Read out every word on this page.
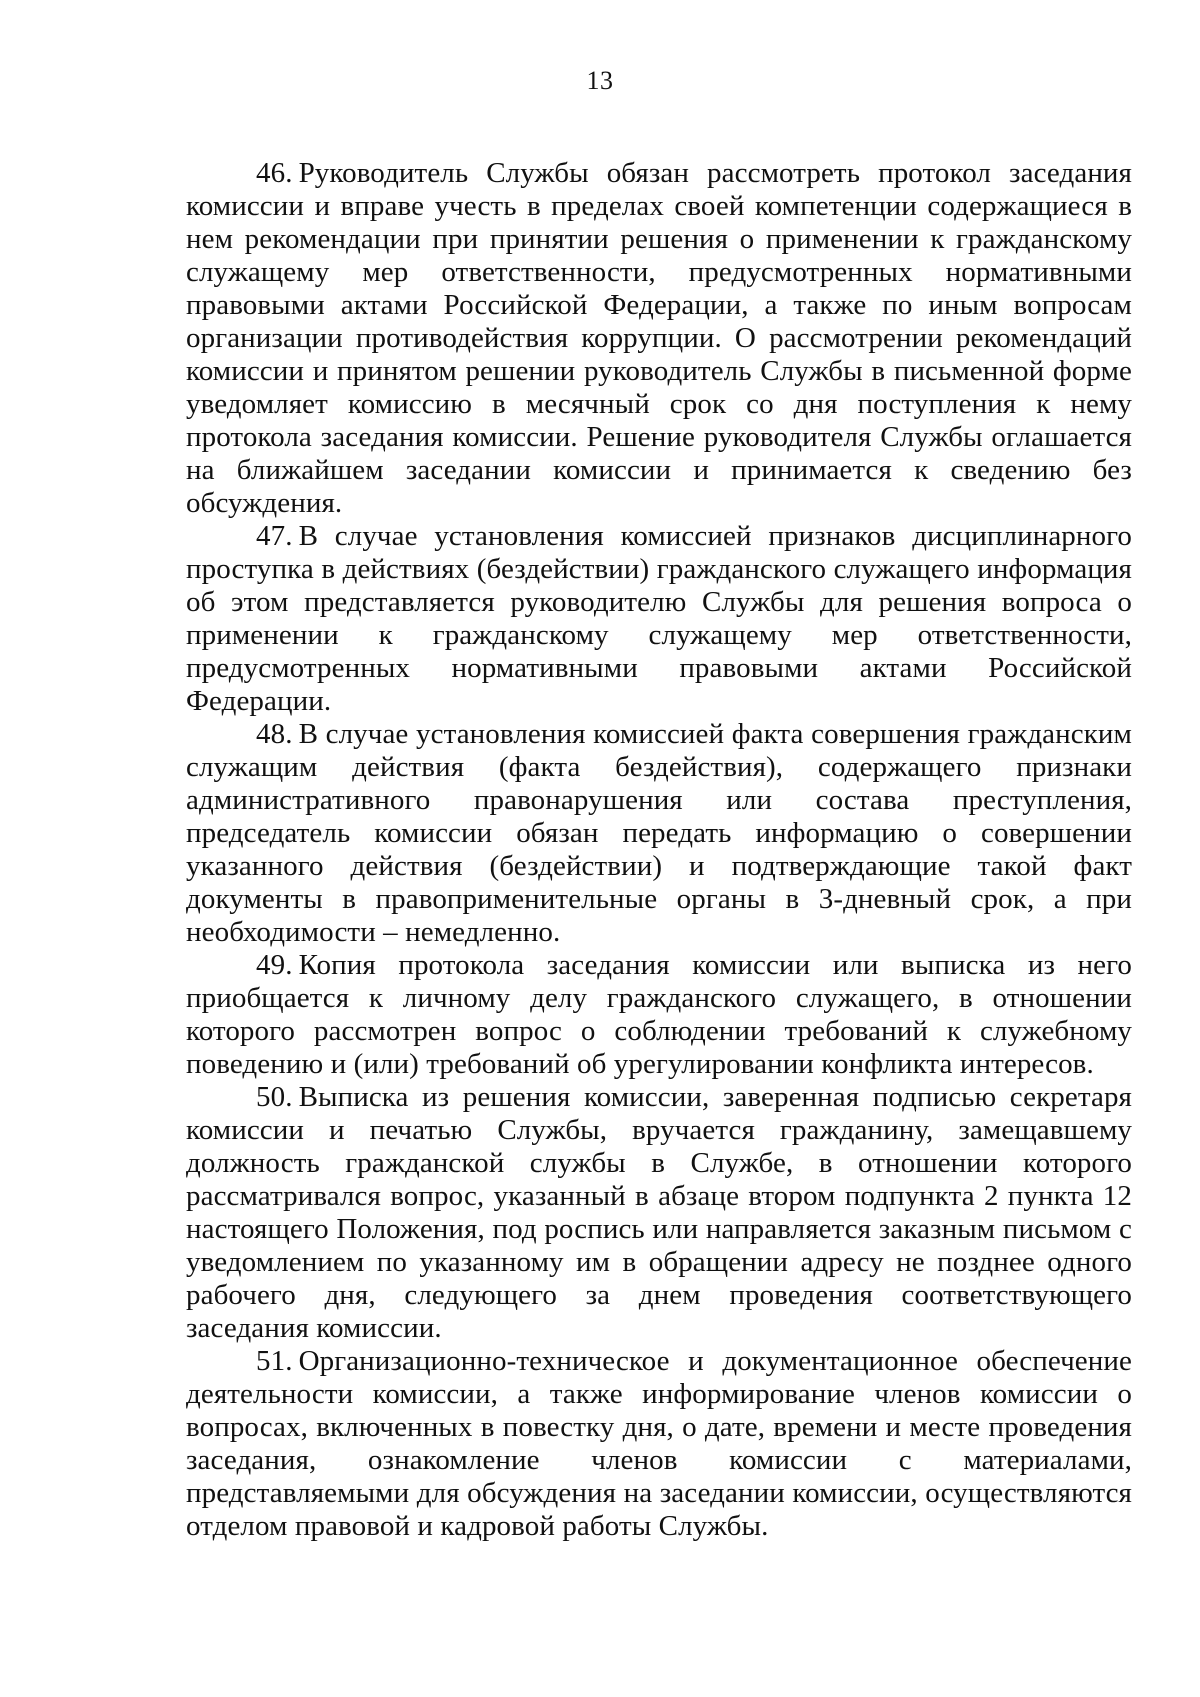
13

46. Руководитель Службы обязан рассмотреть протокол заседания комиссии и вправе учесть в пределах своей компетенции содержащиеся в нем рекомендации при принятии решения о применении к гражданскому служащему мер ответственности, предусмотренных нормативными правовыми актами Российской Федерации, а также по иным вопросам организации противодействия коррупции. О рассмотрении рекомендаций комиссии и принятом решении руководитель Службы в письменной форме уведомляет комиссию в месячный срок со дня поступления к нему протокола заседания комиссии. Решение руководителя Службы оглашается на ближайшем заседании комиссии и принимается к сведению без обсуждения.

47. В случае установления комиссией признаков дисциплинарного проступка в действиях (бездействии) гражданского служащего информация об этом представляется руководителю Службы для решения вопроса о применении к гражданскому служащему мер ответственности, предусмотренных нормативными правовыми актами Российской Федерации.

48. В случае установления комиссией факта совершения гражданским служащим действия (факта бездействия), содержащего признаки административного правонарушения или состава преступления, председатель комиссии обязан передать информацию о совершении указанного действия (бездействии) и подтверждающие такой факт документы в правоприменительные органы в 3-дневный срок, а при необходимости – немедленно.

49. Копия протокола заседания комиссии или выписка из него приобщается к личному делу гражданского служащего, в отношении которого рассмотрен вопрос о соблюдении требований к служебному поведению и (или) требований об урегулировании конфликта интересов.

50. Выписка из решения комиссии, заверенная подписью секретаря комиссии и печатью Службы, вручается гражданину, замещавшему должность гражданской службы в Службе, в отношении которого рассматривался вопрос, указанный в абзаце втором подпункта 2 пункта 12 настоящего Положения, под роспись или направляется заказным письмом с уведомлением по указанному им в обращении адресу не позднее одного рабочего дня, следующего за днем проведения соответствующего заседания комиссии.

51. Организационно-техническое и документационное обеспечение деятельности комиссии, а также информирование членов комиссии о вопросах, включенных в повестку дня, о дате, времени и месте проведения заседания, ознакомление членов комиссии с материалами, представляемыми для обсуждения на заседании комиссии, осуществляются отделом правовой и кадровой работы Службы.
